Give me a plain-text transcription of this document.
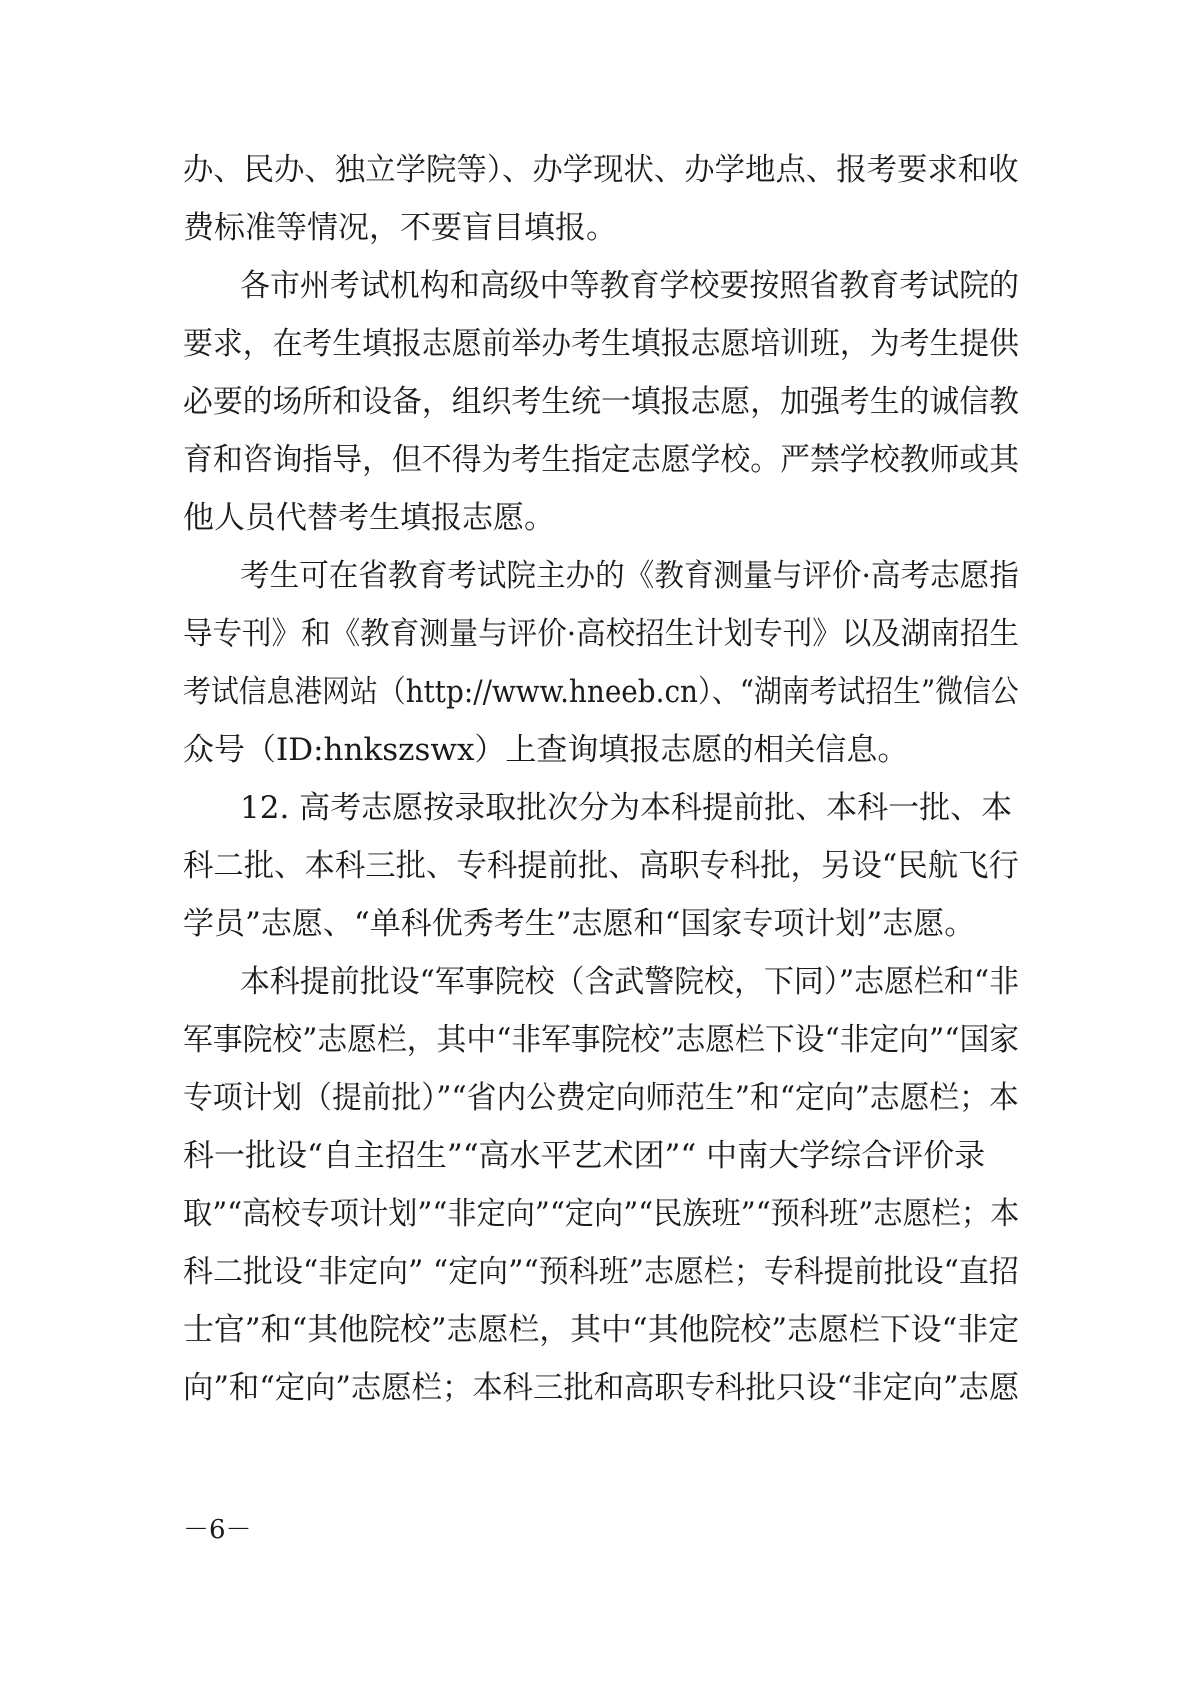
办、民办、独立学院等）、办学现状、办学地点、报考要求和收
费标准等情况，不要盲目填报。
各市州考试机构和高级中等教育学校要按照省教育考试院的
要求，在考生填报志愿前举办考生填报志愿培训班，为考生提供
必要的场所和设备，组织考生统一填报志愿，加强考生的诚信教
育和咨询指导，但不得为考生指定志愿学校。严禁学校教师或其
他人员代替考生填报志愿。
考生可在省教育考试院主办的《教育测量与评价·高考志愿指
导专刊》和《教育测量与评价·高校招生计划专刊》以及湖南招生
考试信息港网站（http://www.hneeb.cn）、“湖南考试招生”微信公
众号（ID:hnkszswx）上查询填报志愿的相关信息。
12. 高考志愿按录取批次分为本科提前批、本科一批、本
科二批、本科三批、专科提前批、高职专科批，另设“民航飞行
学员”志愿、“单科优秀考生”志愿和“国家专项计划”志愿。
本科提前批设“军事院校（含武警院校，下同）”志愿栏和“非
军事院校”志愿栏，其中“非军事院校”志愿栏下设“非定向”“国家
专项计划（提前批）”“省内公费定向师范生”和“定向”志愿栏；本
科一批设“自主招生”“高水平艺术团”“ 中南大学综合评价录
取”“高校专项计划”“非定向”“定向”“民族班”“预科班”志愿栏；本
科二批设“非定向” “定向”“预科班”志愿栏；专科提前批设“直招
士官”和“其他院校”志愿栏，其中“其他院校”志愿栏下设“非定
向”和“定向”志愿栏；本科三批和高职专科批只设“非定向”志愿
－6－
